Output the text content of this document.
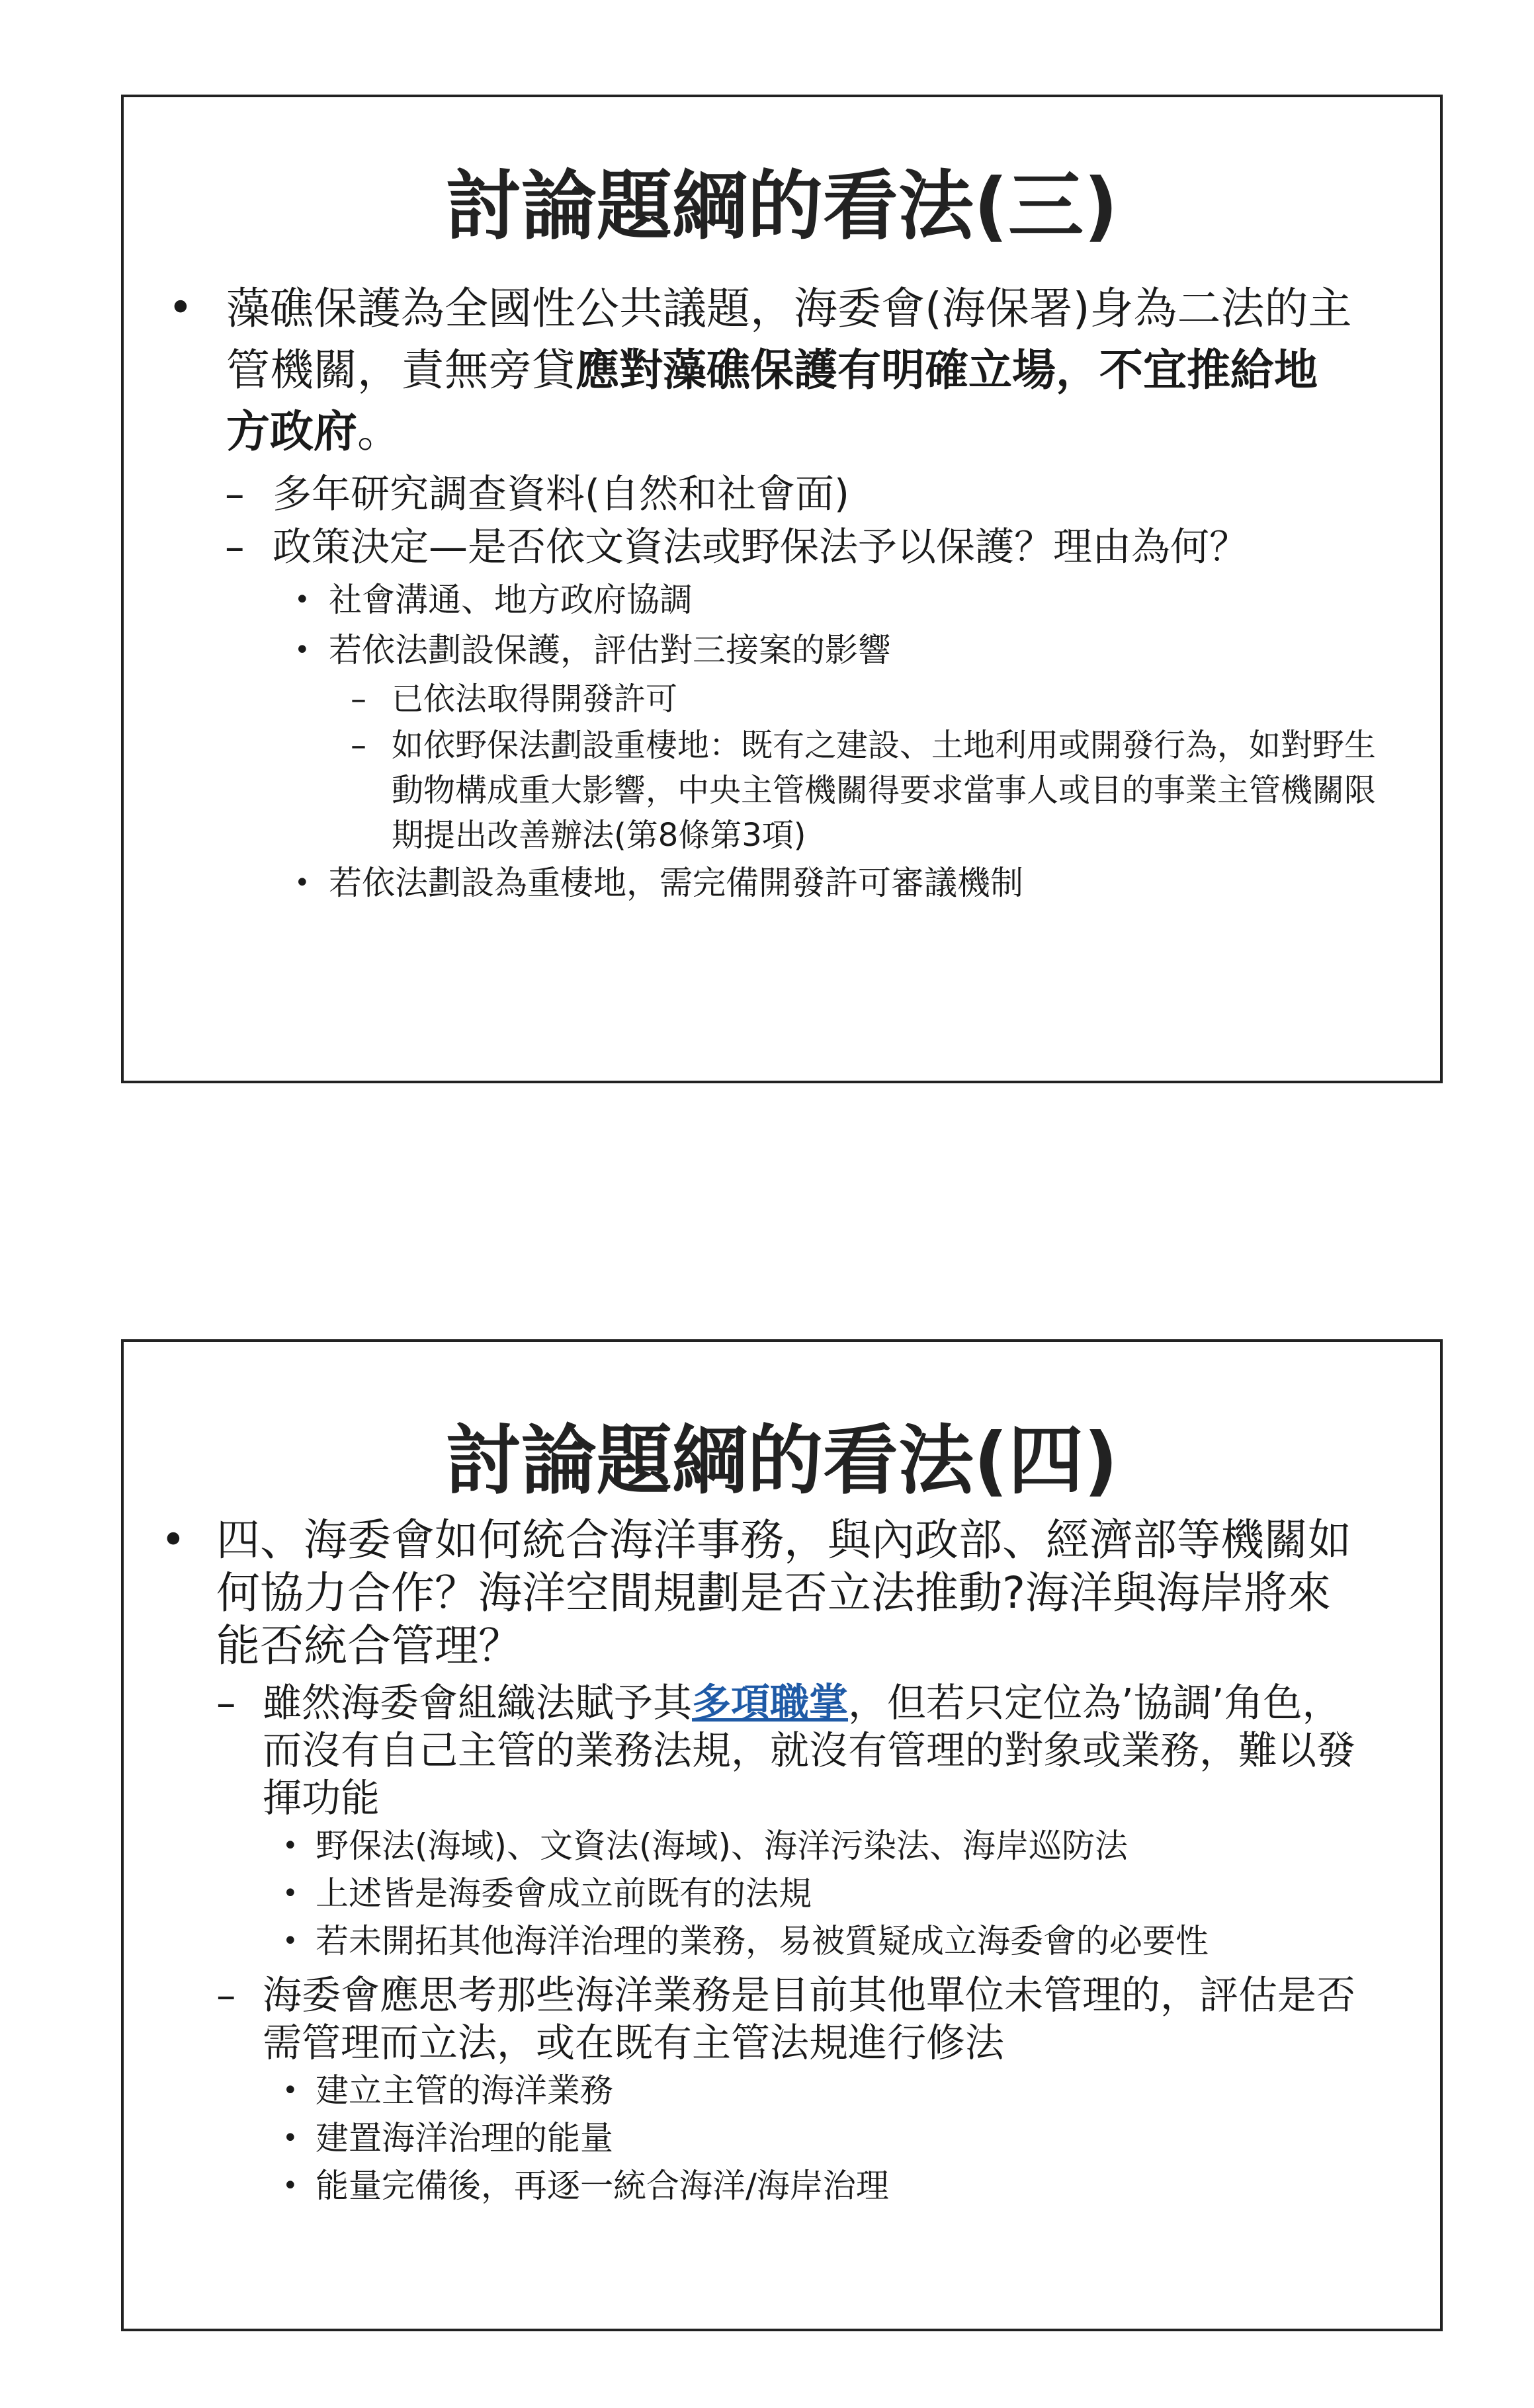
討論題綱的看法(三)

• 藻礁保護為全國性公共議題，海委會(海保署)身為二法的主管機關，責無旁貸應對藻礁保護有明確立場，不宜推給地方政府。

– 多年研究調查資料(自然和社會面)

– 政策決定—是否依文資法或野保法予以保護？理由為何？

• 社會溝通、地方政府協調

• 若依法劃設保護，評估對三接案的影響

– 已依法取得開發許可

– 如依野保法劃設重棲地：既有之建設、土地利用或開發行為，如對野生動物構成重大影響，中央主管機關得要求當事人或目的事業主管機關限期提出改善辦法(第8條第3項)

• 若依法劃設為重棲地，需完備開發許可審議機制

討論題綱的看法(四)

• 四、海委會如何統合海洋事務，與內政部、經濟部等機關如何協力合作？海洋空間規劃是否立法推動?海洋與海岸將來能否統合管理？

– 雖然海委會組織法賦予其多項職掌，但若只定位為’協調’角色，而沒有自己主管的業務法規，就沒有管理的對象或業務，難以發揮功能

• 野保法(海域)、文資法(海域)、海洋污染法、海岸巡防法

• 上述皆是海委會成立前既有的法規

• 若未開拓其他海洋治理的業務，易被質疑成立海委會的必要性

– 海委會應思考那些海洋業務是目前其他單位未管理的，評估是否需管理而立法，或在既有主管法規進行修法

• 建立主管的海洋業務

• 建置海洋治理的能量

• 能量完備後，再逐一統合海洋/海岸治理
